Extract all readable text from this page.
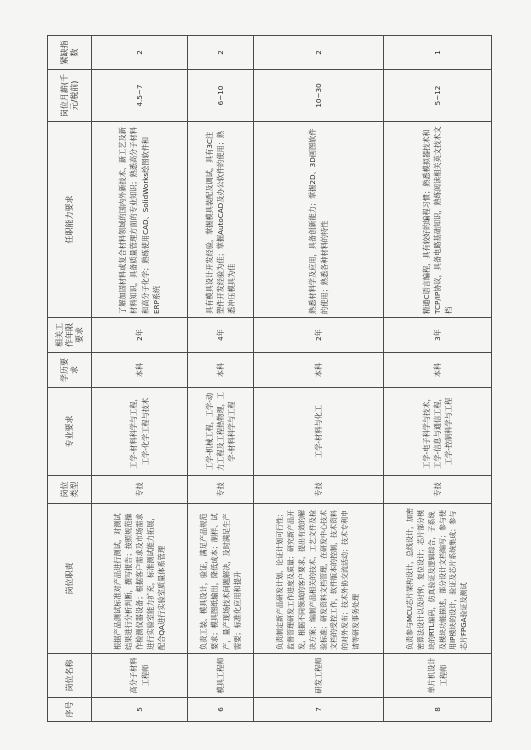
序号	岗位名称	岗位职责	岗位类型	专业要求	学历要求	相关工作年限要求	任职能力要求	岗位月薪(千元/税前)	紧缺指数
5	高分子材料工程师	根据产品测试标准对产品进行测试，对测试结果进行分析判断，撰写报告；按照规范操作检测仪器设备；根据客户需求及市场需求进行实验室能力扩充，标准测试能力拓展，配合QA进行实验室质量体系管理	专技	工学-材料科学与工程，工学-化学工程与技术	本科	2年	了解加固材料或复合材料领域的国内外新技术、新工艺及新材料知识，具备质量管理方面的专业知识；熟悉高分子材料和高分子化学；熟练使用CAD、SolidWorks绘图软件和ERP系统	4.5~7	2
6	模具工程师	负责工装、模具设计，验证，满足产品规范要求；模具图纸输出，降低成本；制样、试产，量产现场技术问题解决，及时满足生产需要；标准化应用和提升	专技	工学-机械工程，工学-动力工程及工程热物理，工学-材料科学与工程	本科	4年	具有模具设计开发经验，掌握模具装配及调试，具有3C注塑件开发经验为佳；掌握AutoCAD及办公软件的使用；熟悉冲压模具为佳	6~10	2
7	研发工程师	负责制定新产品研发计划、论证计划可行性；监督管理研发工作进度及质量；研究新产品开发，根据不同领域的客户要求，提出有效的解决方案；编制产品相关的技术、工艺文件及检验标准；研发资料文档管理，在研发中心技术文档的受控工作，软件版本的控制，技术资料的对外发布；技术外协交流活动；技术专利申请等研发事务处理	专技	工学-材料与化工	本科	2年	熟悉材料学及应用，具备创新能力；掌握2D、3D画图软件的使用；熟悉各种材料的特性	10~30	2
8	单片机设计工程师	负责参与MCU芯片架构设计，总线设计，加密密算法设计以及时钟，复位设计；芯片部分模块的RTL编码，仿真验证及逻辑综合，子系统及模块功能描述，部分设计文档编写；参与使用IP模块的设计，验证及芯片系统集成；参与芯片FPGA验证及测试	专技	工学-电子科学与技术，工学-信息与通信工程，工学-控制科学与工程	本科	3年	精通C语言编程，具有较好的编程习惯；熟悉模拟器技术和TCP/IP协议，具备电路基础知识，熟练阅读相关英文技术文档	5~12	1
